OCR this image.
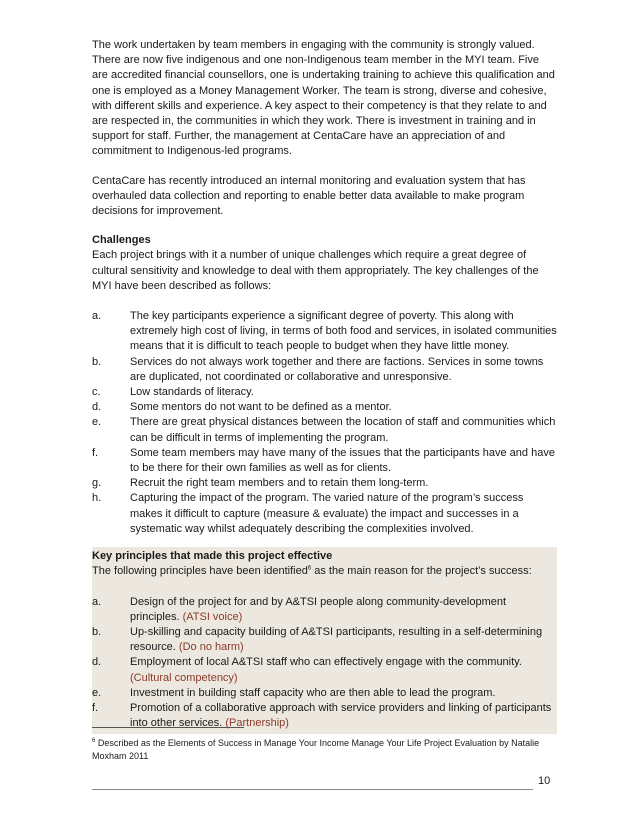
The work undertaken by team members in engaging with the community is strongly valued. There are now five indigenous and one non-Indigenous team member in the MYI team. Five are accredited financial counsellors, one is undertaking training to achieve this qualification and one is employed as a Money Management Worker. The team is strong, diverse and cohesive, with different skills and experience. A key aspect to their competency is that they relate to and are respected in, the communities in which they work. There is investment in training and in support for staff. Further, the management at CentaCare have an appreciation of and commitment to Indigenous-led programs.

CentaCare has recently introduced an internal monitoring and evaluation system that has overhauled data collection and reporting to enable better data available to make program decisions for improvement.

Challenges

Each project brings with it a number of unique challenges which require a great degree of cultural sensitivity and knowledge to deal with them appropriately. The key challenges of the MYI have been described as follows:

a.	The key participants experience a significant degree of poverty. This along with extremely high cost of living, in terms of both food and services, in isolated communities means that it is difficult to teach people to budget when they have little money.
b.	Services do not always work together and there are factions. Services in some towns are duplicated, not coordinated or collaborative and unresponsive.
c.	Low standards of literacy.
d.	Some mentors do not want to be defined as a mentor.
e.	There are great physical distances between the location of staff and communities which can be difficult in terms of implementing the program.
f.	Some team members may have many of the issues that the participants have and have to be there for their own families as well as for clients.
g.	Recruit the right team members and to retain them long-term.
h.	Capturing the impact of the program. The varied nature of the program’s success makes it difficult to capture (measure & evaluate) the impact and successes in a systematic way whilst adequately describing the complexities involved.

Key principles that made this project effective

The following principles have been identified$^6$ as the main reason for the project’s success:

a.	Design of the project for and by A&TSI people along community-development principles. (ATSI voice)
b.	Up-skilling and capacity building of A&TSI participants, resulting in a self-determining resource. (Do no harm)
d.	Employment of local A&TSI staff who can effectively engage with the community. (Cultural competency)
e.	Investment in building staff capacity who are then able to lead the program.
f.	Promotion of a collaborative approach with service providers and linking of participants into other services. (Partnership)

$^6$ Described as the Elements of Success in Manage Your Income Manage Your Life Project Evaluation by Natalie Moxham 2011

10
